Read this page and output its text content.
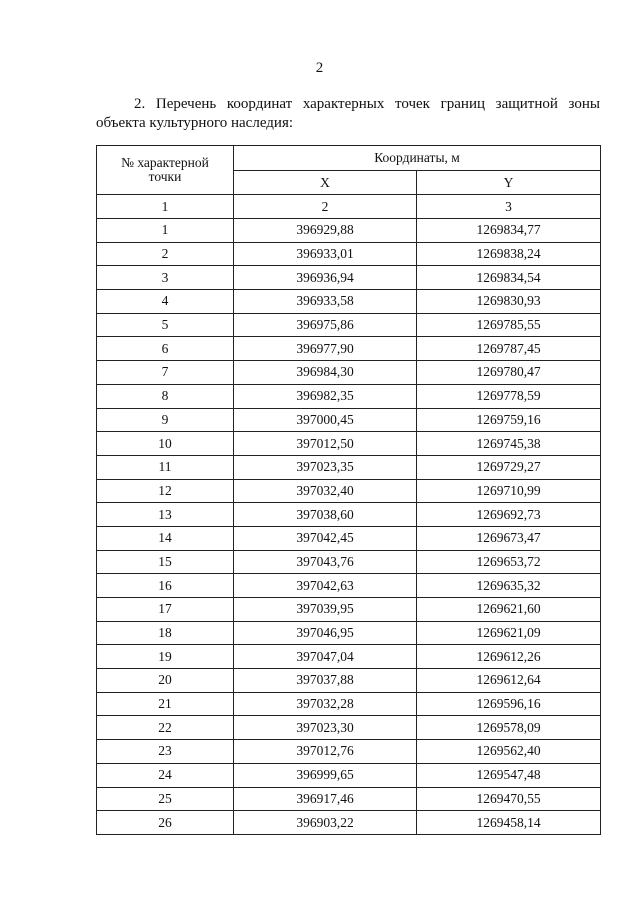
2

2. Перечень координат характерных точек границ защитной зоны объекта культурного наследия:

№ характерной
точки	Координаты, м	
	X	Y
1	2	3
1	396929,88	1269834,77
2	396933,01	1269838,24
3	396936,94	1269834,54
4	396933,58	1269830,93
5	396975,86	1269785,55
6	396977,90	1269787,45
7	396984,30	1269780,47
8	396982,35	1269778,59
9	397000,45	1269759,16
10	397012,50	1269745,38
11	397023,35	1269729,27
12	397032,40	1269710,99
13	397038,60	1269692,73
14	397042,45	1269673,47
15	397043,76	1269653,72
16	397042,63	1269635,32
17	397039,95	1269621,60
18	397046,95	1269621,09
19	397047,04	1269612,26
20	397037,88	1269612,64
21	397032,28	1269596,16
22	397023,30	1269578,09
23	397012,76	1269562,40
24	396999,65	1269547,48
25	396917,46	1269470,55
26	396903,22	1269458,14
